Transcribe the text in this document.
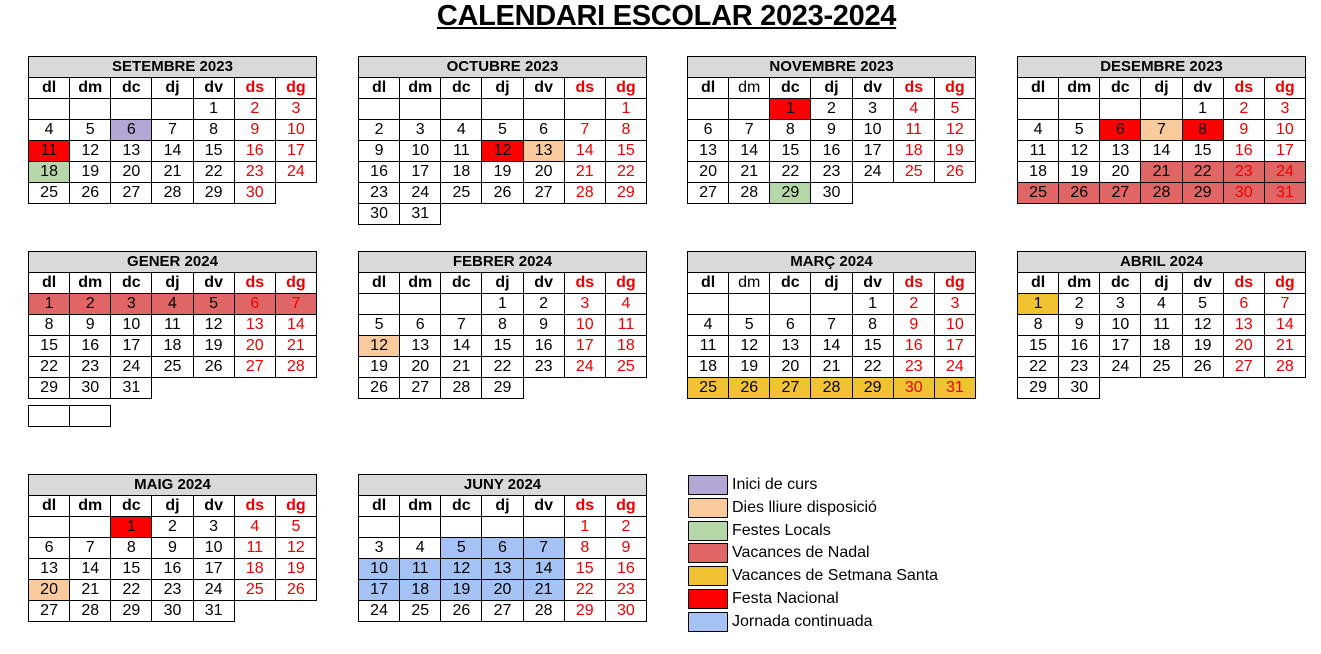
CALENDARI ESCOLAR 2023-2024
SETEMBRE 2023						
dl	dm	dc	dj	dv	ds	dg
				1	2	3
4	5	6	7	8	9	10
11	12	13	14	15	16	17
18	19	20	21	22	23	24
25	26	27	28	29	30	
OCTUBRE 2023						
dl	dm	dc	dj	dv	ds	dg
						1
2	3	4	5	6	7	8
9	10	11	12	13	14	15
16	17	18	19	20	21	22
23	24	25	26	27	28	29
30	31					
NOVEMBRE 2023						
dl	dm	dc	dj	dv	ds	dg
		1	2	3	4	5
6	7	8	9	10	11	12
13	14	15	16	17	18	19
20	21	22	23	24	25	26
27	28	29	30			
DESEMBRE 2023						
dl	dm	dc	dj	dv	ds	dg
				1	2	3
4	5	6	7	8	9	10
11	12	13	14	15	16	17
18	19	20	21	22	23	24
25	26	27	28	29	30	31
GENER 2024						
dl	dm	dc	dj	dv	ds	dg
1	2	3	4	5	6	7
8	9	10	11	12	13	14
15	16	17	18	19	20	21
22	23	24	25	26	27	28
29	30	31				
FEBRER 2024						
dl	dm	dc	dj	dv	ds	dg
			1	2	3	4
5	6	7	8	9	10	11
12	13	14	15	16	17	18
19	20	21	22	23	24	25
26	27	28	29			
MARÇ 2024						
dl	dm	dc	dj	dv	ds	dg
				1	2	3
4	5	6	7	8	9	10
11	12	13	14	15	16	17
18	19	20	21	22	23	24
25	26	27	28	29	30	31
ABRIL 2024						
dl	dm	dc	dj	dv	ds	dg
1	2	3	4	5	6	7
8	9	10	11	12	13	14
15	16	17	18	19	20	21
22	23	24	25	26	27	28
29	30					

MAIG 2024						
dl	dm	dc	dj	dv	ds	dg
		1	2	3	4	5
6	7	8	9	10	11	12
13	14	15	16	17	18	19
20	21	22	23	24	25	26
27	28	29	30	31		
JUNY 2024						
dl	dm	dc	dj	dv	ds	dg
					1	2
3	4	5	6	7	8	9
10	11	12	13	14	15	16
17	18	19	20	21	22	23
24	25	26	27	28	29	30
Inici de curs
Dies lliure disposició
Festes Locals
Vacances de Nadal
Vacances de Setmana Santa
Festa Nacional
Jornada continuada
